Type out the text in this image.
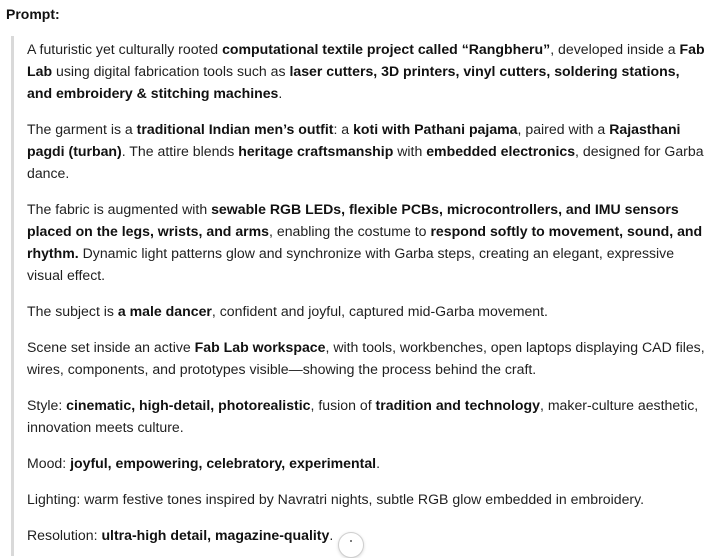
Prompt:

A futuristic yet culturally rooted computational textile project called “Rangbheru”, developed inside a Fab Lab using digital fabrication tools such as laser cutters, 3D printers, vinyl cutters, soldering stations, and embroidery & stitching machines.

The garment is a traditional Indian men’s outfit: a koti with Pathani pajama, paired with a Rajasthani pagdi (turban). The attire blends heritage craftsmanship with embedded electronics, designed for Garba dance.

The fabric is augmented with sewable RGB LEDs, flexible PCBs, microcontrollers, and IMU sensors placed on the legs, wrists, and arms, enabling the costume to respond softly to movement, sound, and rhythm. Dynamic light patterns glow and synchronize with Garba steps, creating an elegant, expressive visual effect.

The subject is a male dancer, confident and joyful, captured mid-Garba movement.

Scene set inside an active Fab Lab workspace, with tools, workbenches, open laptops displaying CAD files, wires, components, and prototypes visible—showing the process behind the craft.

Style: cinematic, high-detail, photorealistic, fusion of tradition and technology, maker-culture aesthetic, innovation meets culture.

Mood: joyful, empowering, celebratory, experimental.

Lighting: warm festive tones inspired by Navratri nights, subtle RGB glow embedded in embroidery.

Resolution: ultra-high detail, magazine-quality.
